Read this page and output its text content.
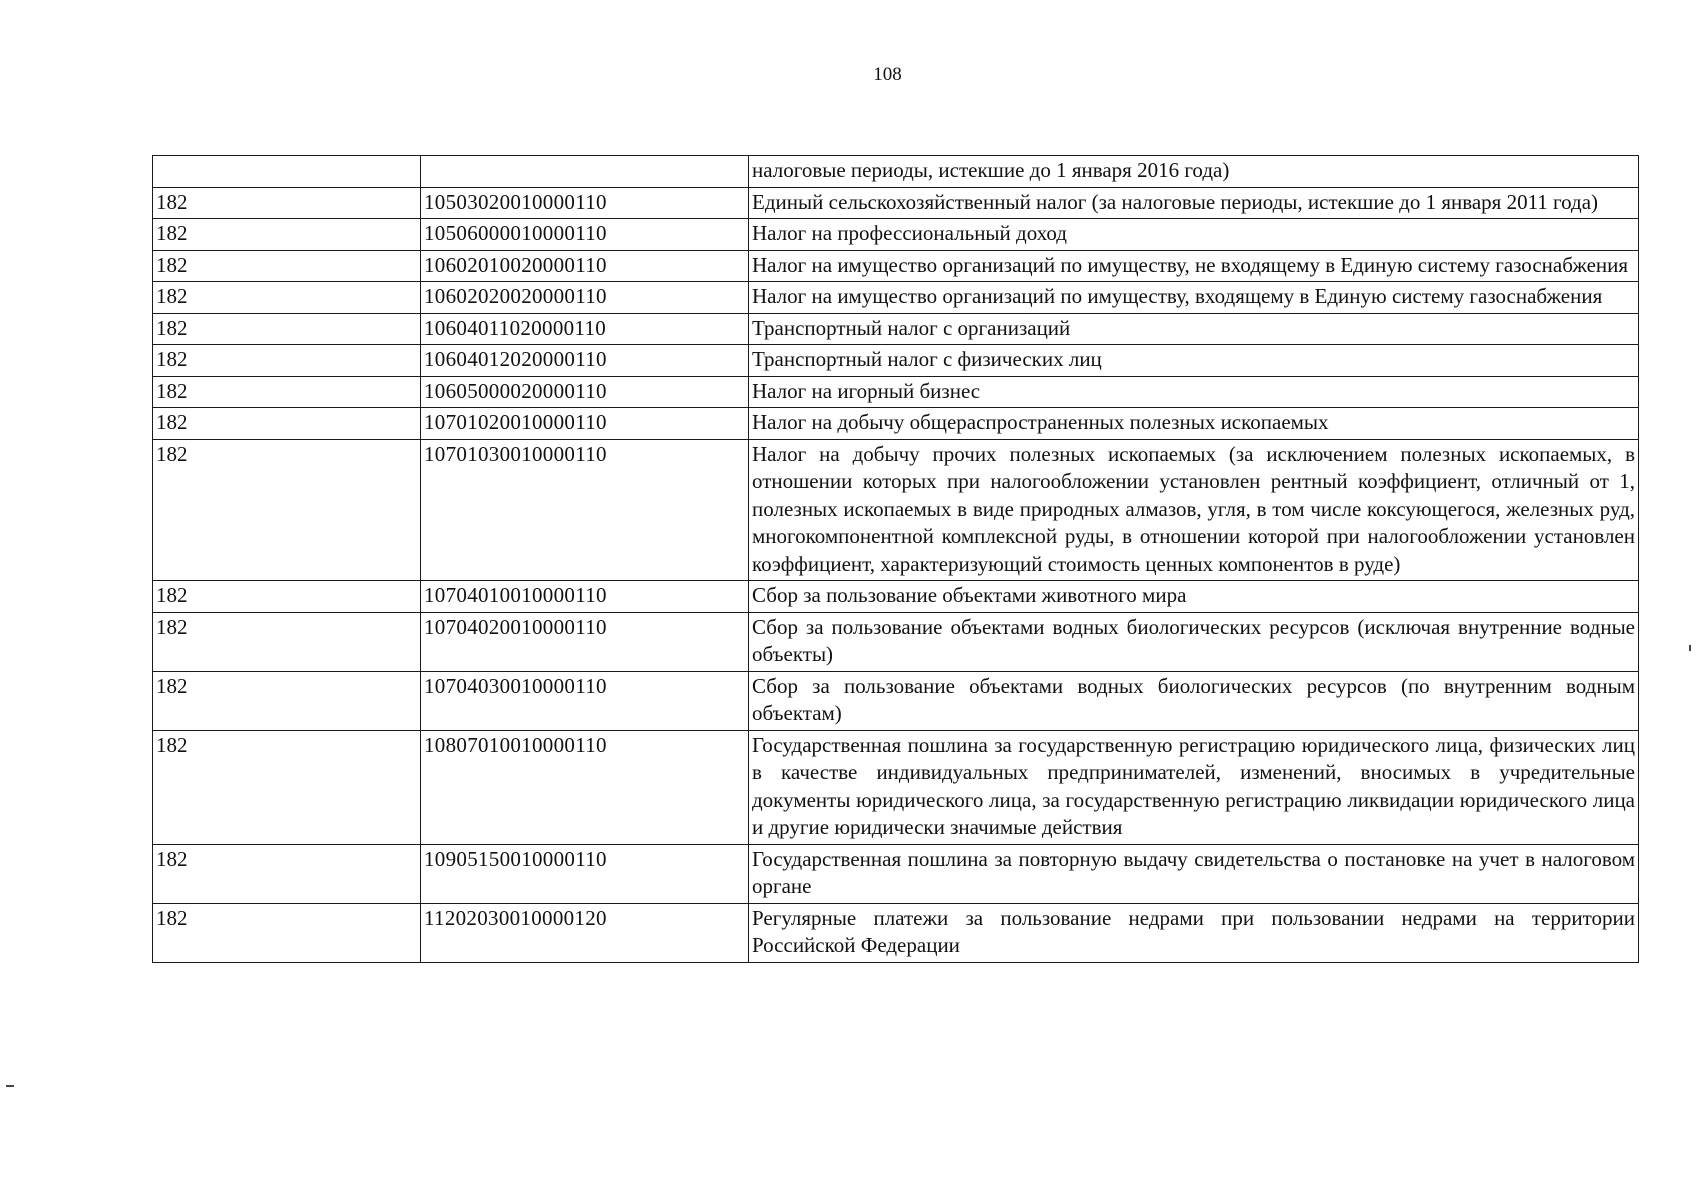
108
		налоговые периоды, истекшие до 1 января 2016 года)
182	10503020010000110	Единый сельскохозяйственный налог (за налоговые периоды, истекшие до 1 января 2011 года)
182	10506000010000110	Налог на профессиональный доход
182	10602010020000110	Налог на имущество организаций по имуществу, не входящему в Единую систему газоснабжения
182	10602020020000110	Налог на имущество организаций по имуществу, входящему в Единую систему газоснабжения
182	10604011020000110	Транспортный налог с организаций
182	10604012020000110	Транспортный налог с физических лиц
182	10605000020000110	Налог на игорный бизнес
182	10701020010000110	Налог на добычу общераспространенных полезных ископаемых
182	10701030010000110	Налог на добычу прочих полезных ископаемых (за исключением полезных ископаемых, в отношении которых при налогообложении установлен рентный коэффициент, отличный от 1, полезных ископаемых в виде природных алмазов, угля, в том числе коксующегося, железных руд, многокомпонентной комплексной руды, в отношении которой при налогообложении установлен коэффициент, характеризующий стоимость ценных компонентов в руде)
182	10704010010000110	Сбор за пользование объектами животного мира
182	10704020010000110	Сбор за пользование объектами водных биологических ресурсов (исключая внутренние водные объекты)
182	10704030010000110	Сбор за пользование объектами водных биологических ресурсов (по внутренним водным объектам)
182	10807010010000110	Государственная пошлина за государственную регистрацию юридического лица, физических лиц в качестве индивидуальных предпринимателей, изменений, вносимых в учредительные документы юридического лица, за государственную регистрацию ликвидации юридического лица и другие юридически значимые действия
182	10905150010000110	Государственная пошлина за повторную выдачу свидетельства о постановке на учет в налоговом органе
182	11202030010000120	Регулярные платежи за пользование недрами при пользовании недрами на территории Российской Федерации
